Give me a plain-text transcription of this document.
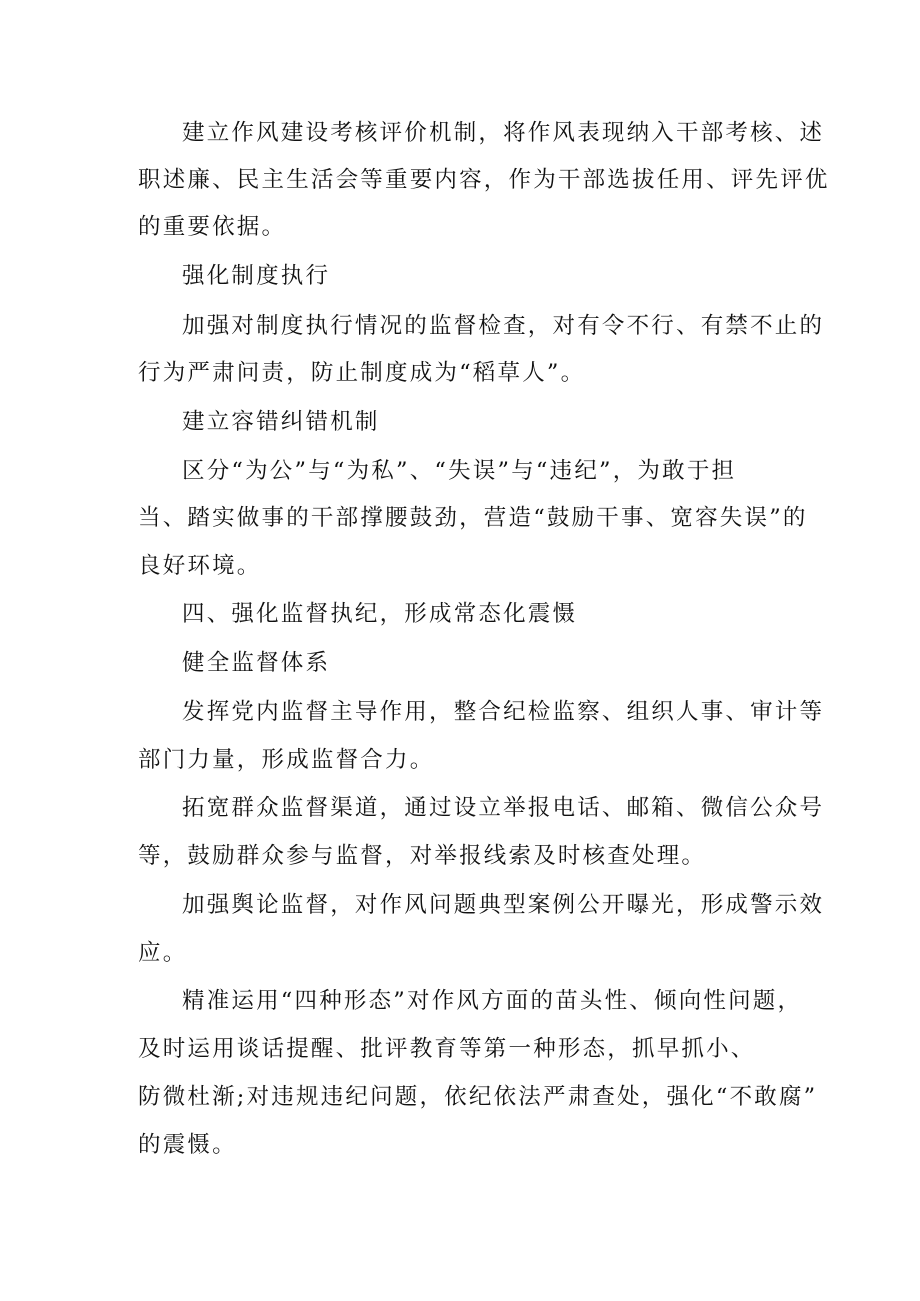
建立作风建设考核评价机制，将作风表现纳入干部考核、述
职述廉、民主生活会等重要内容，作为干部选拔任用、评先评优
的重要依据。
强化制度执行
加强对制度执行情况的监督检查，对有令不行、有禁不止的
行为严肃问责，防止制度成为“稻草人”。
建立容错纠错机制
区分“为公”与“为私”、“失误”与“违纪”，为敢于担
当、踏实做事的干部撑腰鼓劲，营造“鼓励干事、宽容失误”的
良好环境。
四、强化监督执纪，形成常态化震慑
健全监督体系
发挥党内监督主导作用，整合纪检监察、组织人事、审计等
部门力量，形成监督合力。
拓宽群众监督渠道，通过设立举报电话、邮箱、微信公众号
等，鼓励群众参与监督，对举报线索及时核查处理。
加强舆论监督，对作风问题典型案例公开曝光，形成警示效
应。
精准运用“四种形态”对作风方面的苗头性、倾向性问题，
及时运用谈话提醒、批评教育等第一种形态，抓早抓小、
防微杜渐;对违规违纪问题，依纪依法严肃查处，强化“不敢腐”
的震慑。
